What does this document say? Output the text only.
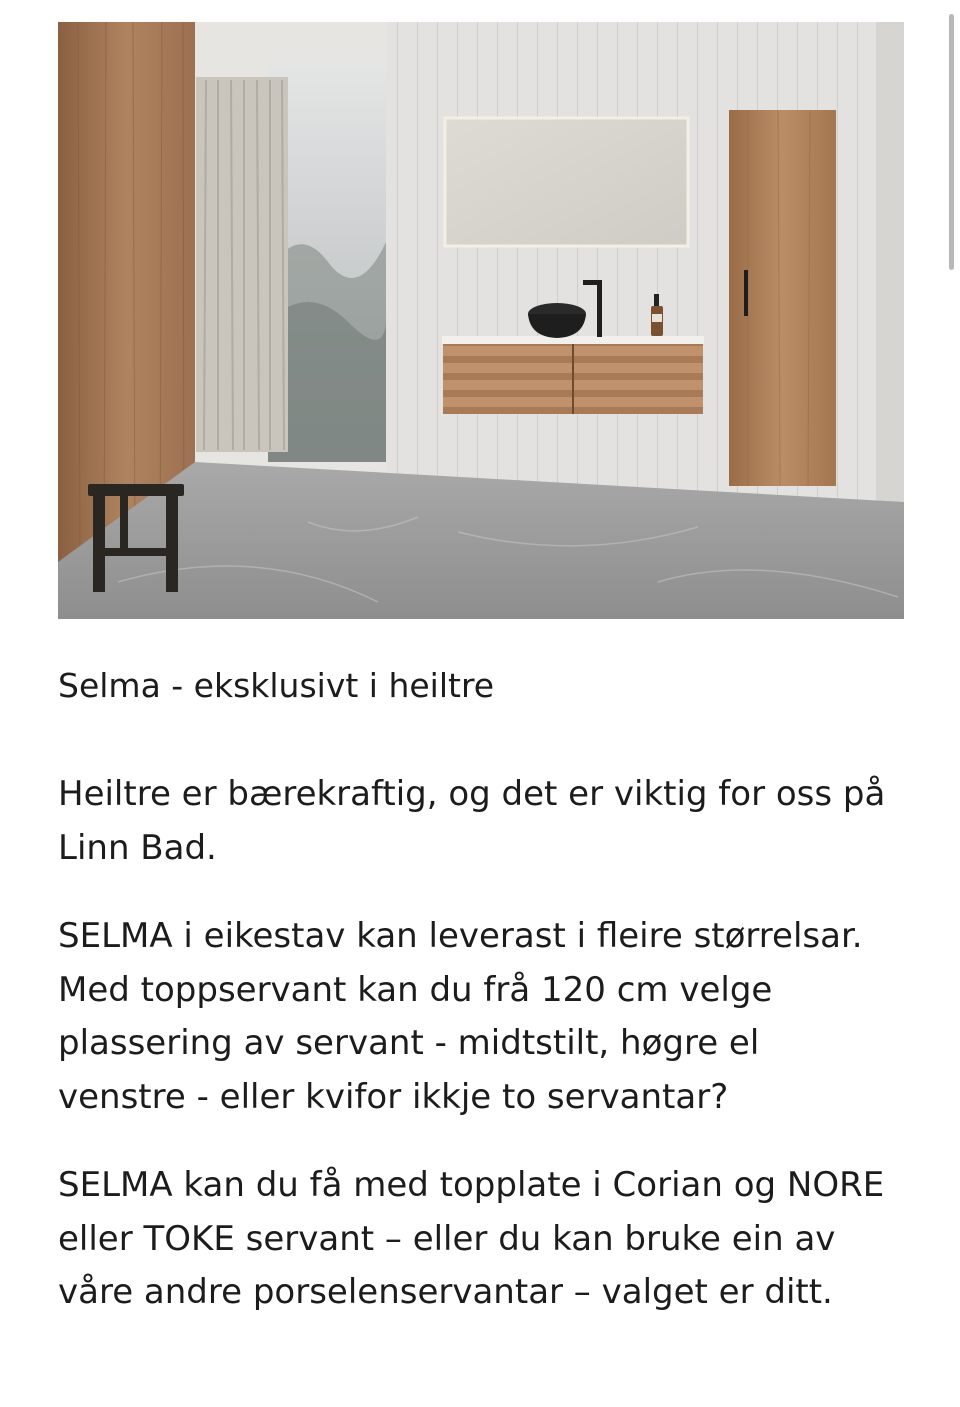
Selma - eksklusivt i heiltre

Heiltre er bærekraftig, og det er viktig for oss på Linn Bad.

SELMA i eikestav kan leverast i fleire størrelsar. Med toppservant kan du frå 120 cm velge plassering av servant - midtstilt, høgre el venstre - eller kvifor ikkje to servantar?

SELMA kan du få med topplate i Corian og NORE eller TOKE servant – eller du kan bruke ein av våre andre porselenservantar – valget er ditt.
